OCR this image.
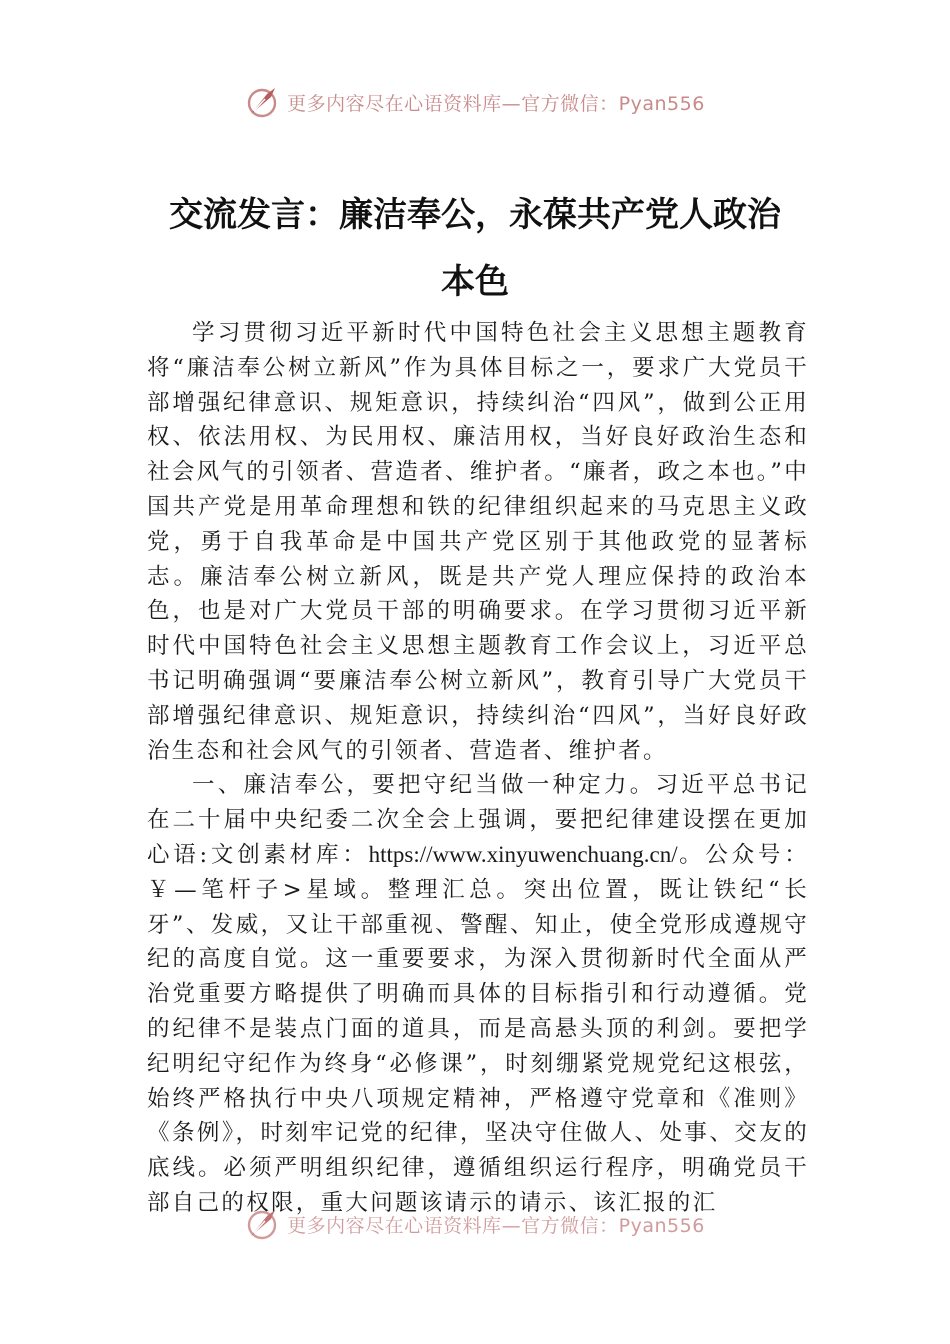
更多内容尽在心语资料库—官方微信：Pyan556
交流发言：廉洁奉公，永葆共产党人政治
本色

学习贯彻习近平新时代中国特色社会主义思想主题教育将“廉洁奉公树立新风”作为具体目标之一，要求广大党员干部增强纪律意识、规矩意识，持续纠治“四风”，做到公正用权、依法用权、为民用权、廉洁用权，当好良好政治生态和社会风气的引领者、营造者、维护者。“廉者，政之本也。”中国共产党是用革命理想和铁的纪律组织起来的马克思主义政党，勇于自我革命是中国共产党区别于其他政党的显著标志。廉洁奉公树立新风，既是共产党人理应保持的政治本色，也是对广大党员干部的明确要求。在学习贯彻习近平新时代中国特色社会主义思想主题教育工作会议上，习近平总书记明确强调“要廉洁奉公树立新风”，教育引导广大党员干部增强纪律意识、规矩意识，持续纠治“四风”，当好良好政治生态和社会风气的引领者、营造者、维护者。

一、廉洁奉公，要把守纪当做一种定力。习近平总书记在二十届中央纪委二次全会上强调，要把纪律建设摆在更加心语:文创素材库：https://www.xinyuwenchuang.cn/。公众号：￥—笔杆子>星域。整理汇总。突出位置，既让铁纪“长牙”、发威，又让干部重视、警醒、知止，使全党形成遵规守纪的高度自觉。这一重要要求，为深入贯彻新时代全面从严治党重要方略提供了明确而具体的目标指引和行动遵循。党的纪律不是装点门面的道具，而是高悬头顶的利剑。要把学纪明纪守纪作为终身“必修课”，时刻绷紧党规党纪这根弦，始终严格执行中央八项规定精神，严格遵守党章和《准则》《条例》，时刻牢记党的纪律，坚决守住做人、处事、交友的底线。必须严明组织纪律，遵循组织运行程序，明确党员干部自己的权限，重大问题该请示的请示、该汇报的汇

更多内容尽在心语资料库—官方微信：Pyan556
